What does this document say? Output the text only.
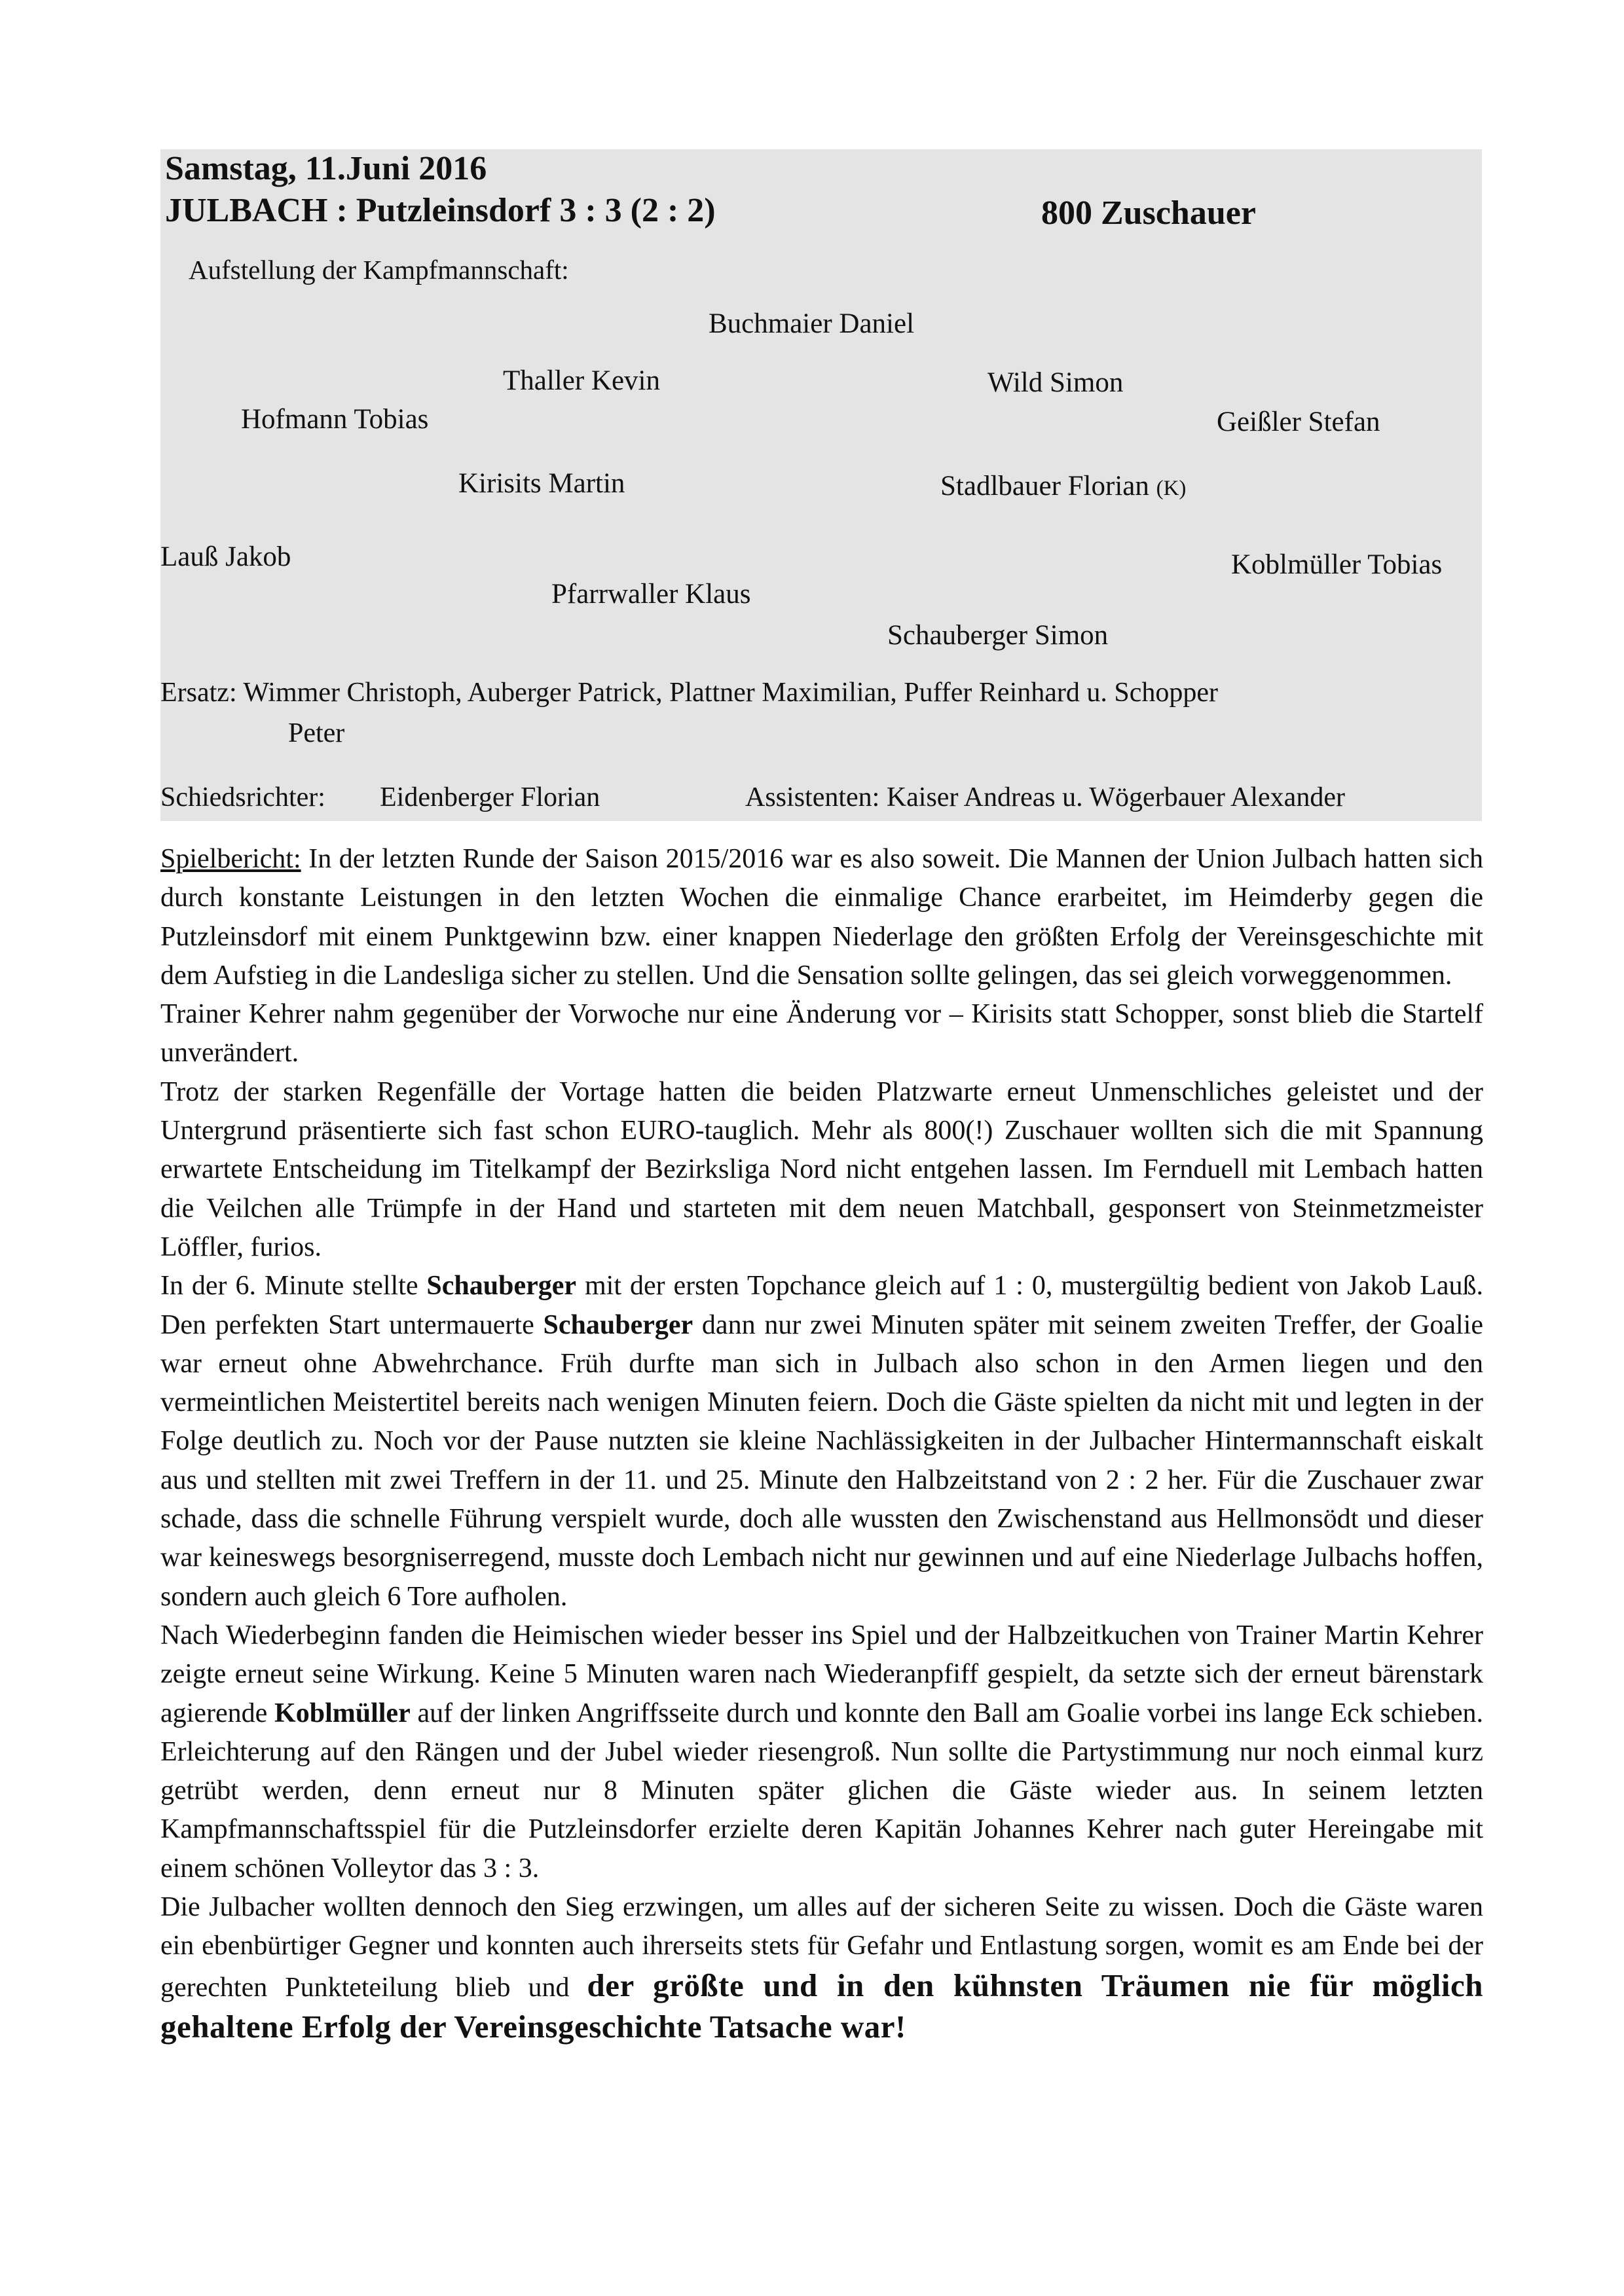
Samstag, 11.Juni 2016
JULBACH : Putzleinsdorf 3 : 3 (2 : 2)	800 Zuschauer
Aufstellung der Kampfmannschaft:
Buchmaier Daniel
Thaller Kevin	Wild Simon
Hofmann Tobias	Geißler Stefan
Kirisits Martin	Stadlbauer Florian (K)
Lauß Jakob	Koblmüller Tobias
Pfarrwaller Klaus
Schauberger Simon
Ersatz: Wimmer Christoph, Auberger Patrick, Plattner Maximilian, Puffer Reinhard u. Schopper
Peter
Schiedsrichter: Eidenberger Florian	Assistenten: Kaiser Andreas u. Wögerbauer Alexander

Spielbericht: In der letzten Runde der Saison 2015/2016 war es also soweit. Die Mannen der Union Julbach hatten sich durch konstante Leistungen in den letzten Wochen die einmalige Chance erarbeitet, im Heimderby gegen die Putzleinsdorf mit einem Punktgewinn bzw. einer knappen Niederlage den größten Erfolg der Vereinsgeschichte mit dem Aufstieg in die Landesliga sicher zu stellen. Und die Sensation sollte gelingen, das sei gleich vorweggenommen.

Trainer Kehrer nahm gegenüber der Vorwoche nur eine Änderung vor – Kirisits statt Schopper, sonst blieb die Startelf unverändert.

Trotz der starken Regenfälle der Vortage hatten die beiden Platzwarte erneut Unmenschliches geleistet und der Untergrund präsentierte sich fast schon EURO-tauglich. Mehr als 800(!) Zuschauer wollten sich die mit Spannung erwartete Entscheidung im Titelkampf der Bezirksliga Nord nicht entgehen lassen. Im Fernduell mit Lembach hatten die Veilchen alle Trümpfe in der Hand und starteten mit dem neuen Matchball, gesponsert von Steinmetzmeister Löffler, furios.

In der 6. Minute stellte Schauberger mit der ersten Topchance gleich auf 1 : 0, mustergültig bedient von Jakob Lauß. Den perfekten Start untermauerte Schauberger dann nur zwei Minuten später mit seinem zweiten Treffer, der Goalie war erneut ohne Abwehrchance. Früh durfte man sich in Julbach also schon in den Armen liegen und den vermeintlichen Meistertitel bereits nach wenigen Minuten feiern. Doch die Gäste spielten da nicht mit und legten in der Folge deutlich zu. Noch vor der Pause nutzten sie kleine Nachlässigkeiten in der Julbacher Hintermannschaft eiskalt aus und stellten mit zwei Treffern in der 11. und 25. Minute den Halbzeitstand von 2 : 2 her. Für die Zuschauer zwar schade, dass die schnelle Führung verspielt wurde, doch alle wussten den Zwischenstand aus Hellmonsödt und dieser war keineswegs besorgniserregend, musste doch Lembach nicht nur gewinnen und auf eine Niederlage Julbachs hoffen, sondern auch gleich 6 Tore aufholen.

Nach Wiederbeginn fanden die Heimischen wieder besser ins Spiel und der Halbzeitkuchen von Trainer Martin Kehrer zeigte erneut seine Wirkung. Keine 5 Minuten waren nach Wiederanpfiff gespielt, da setzte sich der erneut bärenstark agierende Koblmüller auf der linken Angriffsseite durch und konnte den Ball am Goalie vorbei ins lange Eck schieben. Erleichterung auf den Rängen und der Jubel wieder riesengroß. Nun sollte die Partystimmung nur noch einmal kurz getrübt werden, denn erneut nur 8 Minuten später glichen die Gäste wieder aus. In seinem letzten Kampfmannschaftsspiel für die Putzleinsdorfer erzielte deren Kapitän Johannes Kehrer nach guter Hereingabe mit einem schönen Volleytor das 3 : 3.

Die Julbacher wollten dennoch den Sieg erzwingen, um alles auf der sicheren Seite zu wissen. Doch die Gäste waren ein ebenbürtiger Gegner und konnten auch ihrerseits stets für Gefahr und Entlastung sorgen, womit es am Ende bei der gerechten Punkteteilung blieb und der größte und in den kühnsten Träumen nie für möglich gehaltene Erfolg der Vereinsgeschichte Tatsache war!
